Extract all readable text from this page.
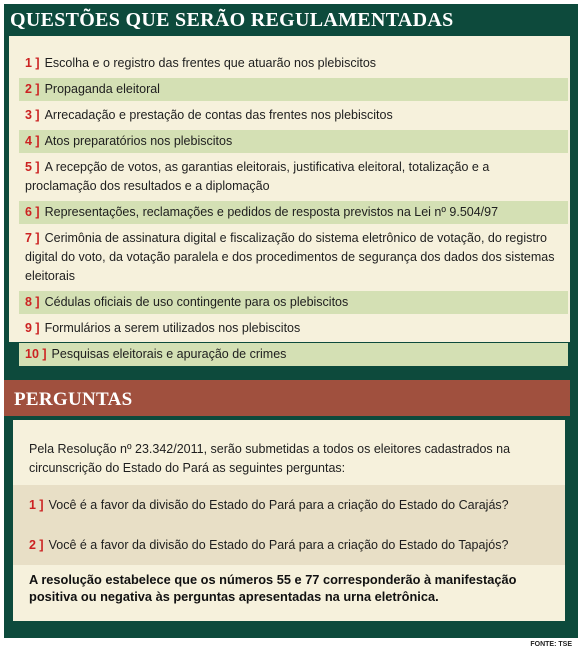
QUESTÕES QUE SERÃO REGULAMENTADAS
1 ] Escolha e o registro das frentes que atuarão nos plebiscitos
2 ] Propaganda eleitoral
3 ] Arrecadação e prestação de contas das frentes nos plebiscitos
4 ] Atos preparatórios nos plebiscitos
5 ] A recepção de votos, as garantias eleitorais, justificativa eleitoral, totalização e a proclamação dos resultados e a diplomação
6 ] Representações, reclamações e pedidos de resposta previstos na Lei nº 9.504/97
7 ] Cerimônia de assinatura digital e fiscalização do sistema eletrônico de votação, do registro digital do voto, da votação paralela e dos procedimentos de segurança dos dados dos sistemas eleitorais
8 ] Cédulas oficiais de uso contingente para os plebiscitos
9 ] Formulários a serem utilizados nos plebiscitos
10 ] Pesquisas eleitorais e apuração de crimes
PERGUNTAS
Pela Resolução nº 23.342/2011, serão submetidas a todos os eleitores cadastrados na circunscrição do Estado do Pará as seguintes perguntas:
1 ] Você é a favor da divisão do Estado do Pará para a criação do Estado do Carajás?
2 ] Você é a favor da divisão do Estado do Pará para a criação do Estado do Tapajós?
A resolução estabelece que os números 55 e 77 corresponderão à manifestação positiva ou negativa às perguntas apresentadas na urna eletrônica.
FONTE: TSE
